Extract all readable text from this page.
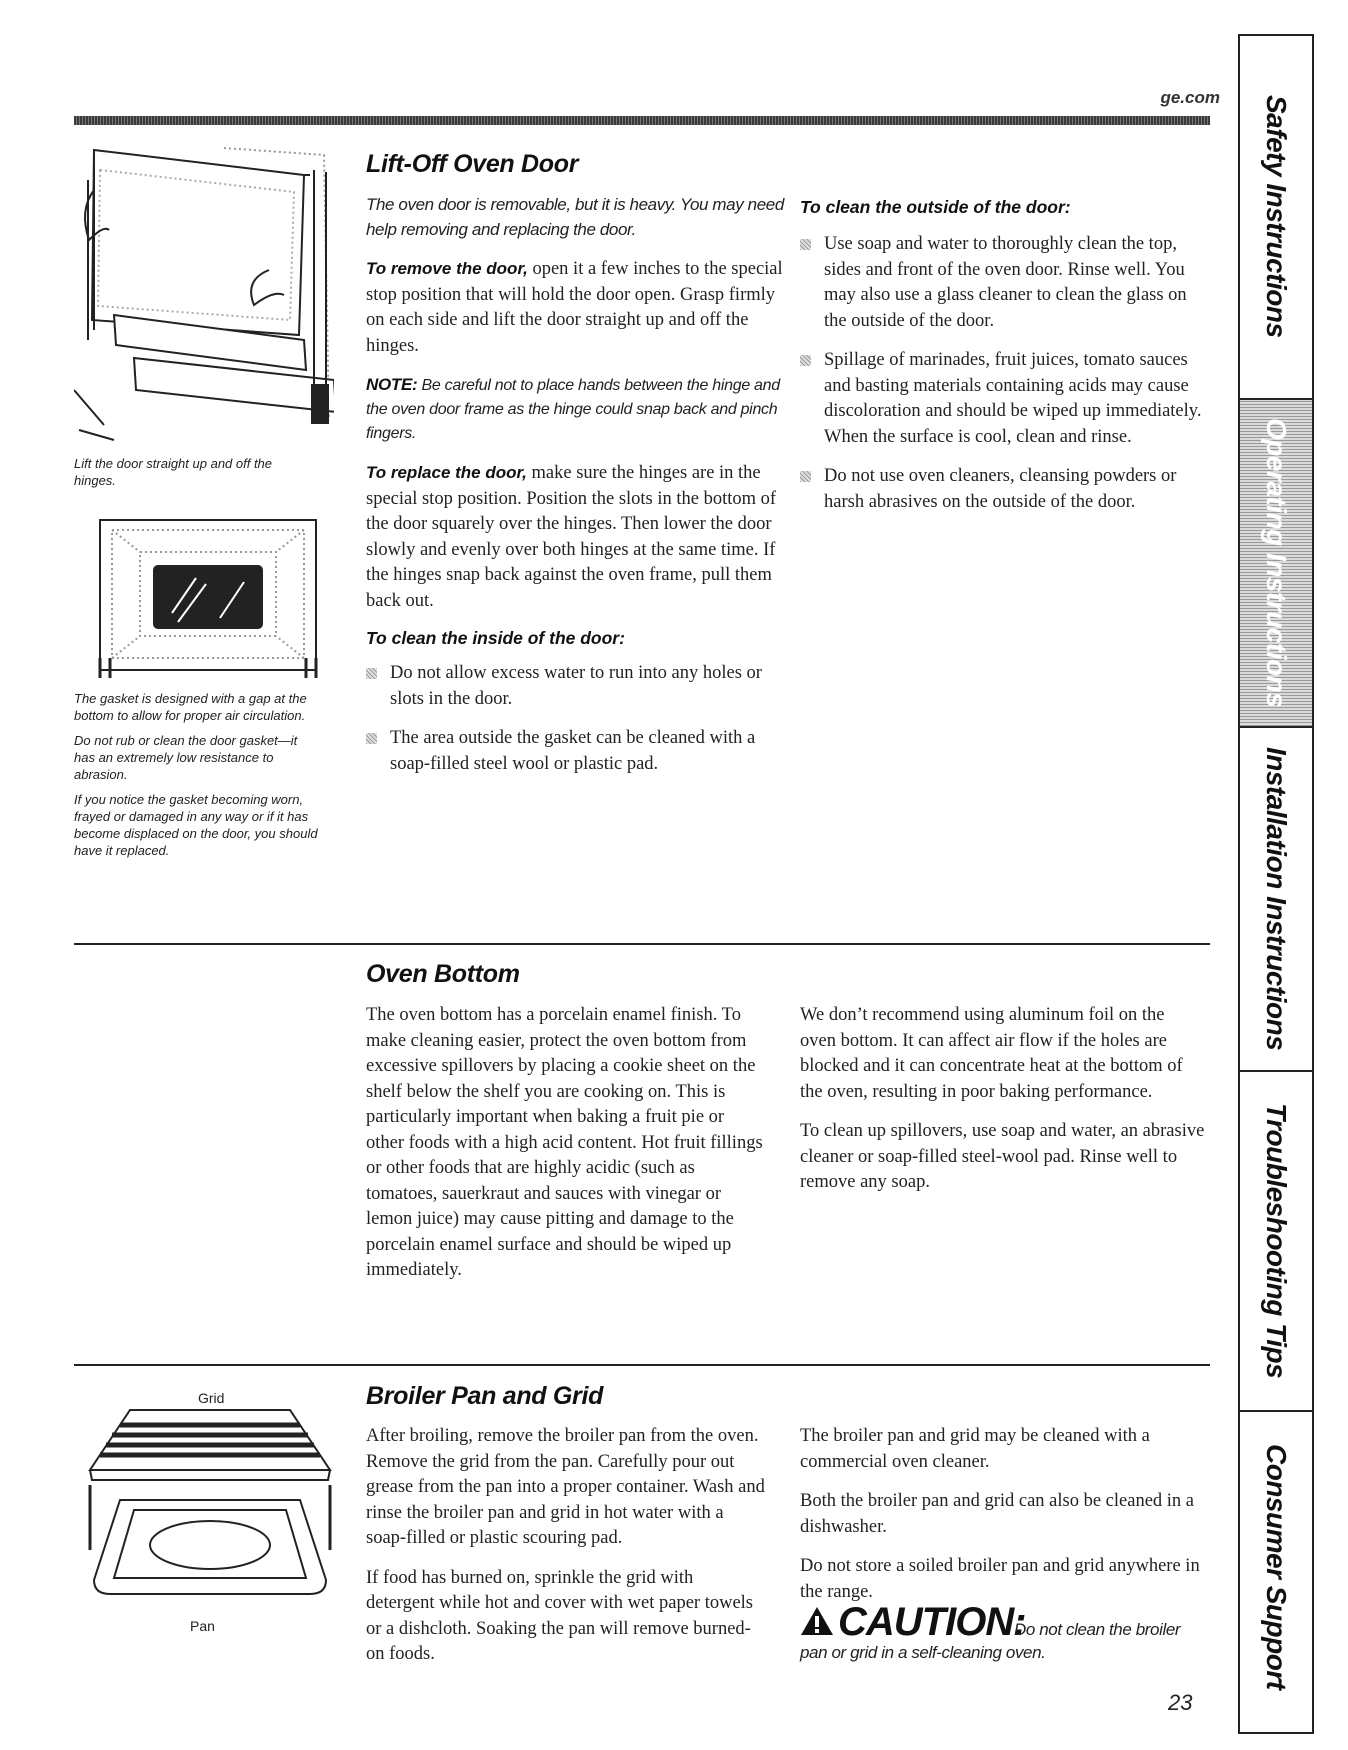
ge.com
Lift the door straight up and off the hinges.

The gasket is designed with a gap at the bottom to allow for proper air circulation.

Do not rub or clean the door gasket—it has an extremely low resistance to abrasion.

If you notice the gasket becoming worn, frayed or damaged in any way or if it has become displaced on the door, you should have it replaced.

Lift-Off Oven Door
The oven door is removable, but it is heavy. You may need help removing and replacing the door.
To remove the door, open it a few inches to the special stop position that will hold the door open. Grasp firmly on each side and lift the door straight up and off the hinges.
NOTE: Be careful not to place hands between the hinge and the oven door frame as the hinge could snap back and pinch fingers.
To replace the door, make sure the hinges are in the special stop position. Position the slots in the bottom of the door squarely over the hinges. Then lower the door slowly and evenly over both hinges at the same time. If the hinges snap back against the oven frame, pull them back out.
To clean the inside of the door:
Do not allow excess water to run into any holes or slots in the door.
The area outside the gasket can be cleaned with a soap-filled steel wool or plastic pad.
To clean the outside of the door:
Use soap and water to thoroughly clean the top, sides and front of the oven door. Rinse well. You may also use a glass cleaner to clean the glass on the outside of the door.
Spillage of marinades, fruit juices, tomato sauces and basting materials containing acids may cause discoloration and should be wiped up immediately. When the surface is cool, clean and rinse.
Do not use oven cleaners, cleansing powders or harsh abrasives on the outside of the door.
Oven Bottom
The oven bottom has a porcelain enamel finish. To make cleaning easier, protect the oven bottom from excessive spillovers by placing a cookie sheet on the shelf below the shelf you are cooking on. This is particularly important when baking a fruit pie or other foods with a high acid content. Hot fruit fillings or other foods that are highly acidic (such as tomatoes, sauerkraut and sauces with vinegar or lemon juice) may cause pitting and damage to the porcelain enamel surface and should be wiped up immediately.
We don’t recommend using aluminum foil on the oven bottom. It can affect air flow if the holes are blocked and it can concentrate heat at the bottom of the oven, resulting in poor baking performance.
To clean up spillovers, use soap and water, an abrasive cleaner or soap-filled steel-wool pad. Rinse well to remove any soap.
Grid
Pan
Broiler Pan and Grid
After broiling, remove the broiler pan from the oven. Remove the grid from the pan. Carefully pour out grease from the pan into a proper container. Wash and rinse the broiler pan and grid in hot water with a soap-filled or plastic scouring pad.
If food has burned on, sprinkle the grid with detergent while hot and cover with wet paper towels or a dishcloth. Soaking the pan will remove burned-on foods.
The broiler pan and grid may be cleaned with a commercial oven cleaner.
Both the broiler pan and grid can also be cleaned in a dishwasher.
Do not store a soiled broiler pan and grid anywhere in the range.
CAUTION:
Do not clean the broiler pan or grid in a self-cleaning oven.
23
Safety Instructions
Operating Instructions
Installation Instructions
Troubleshooting Tips
Consumer Support
